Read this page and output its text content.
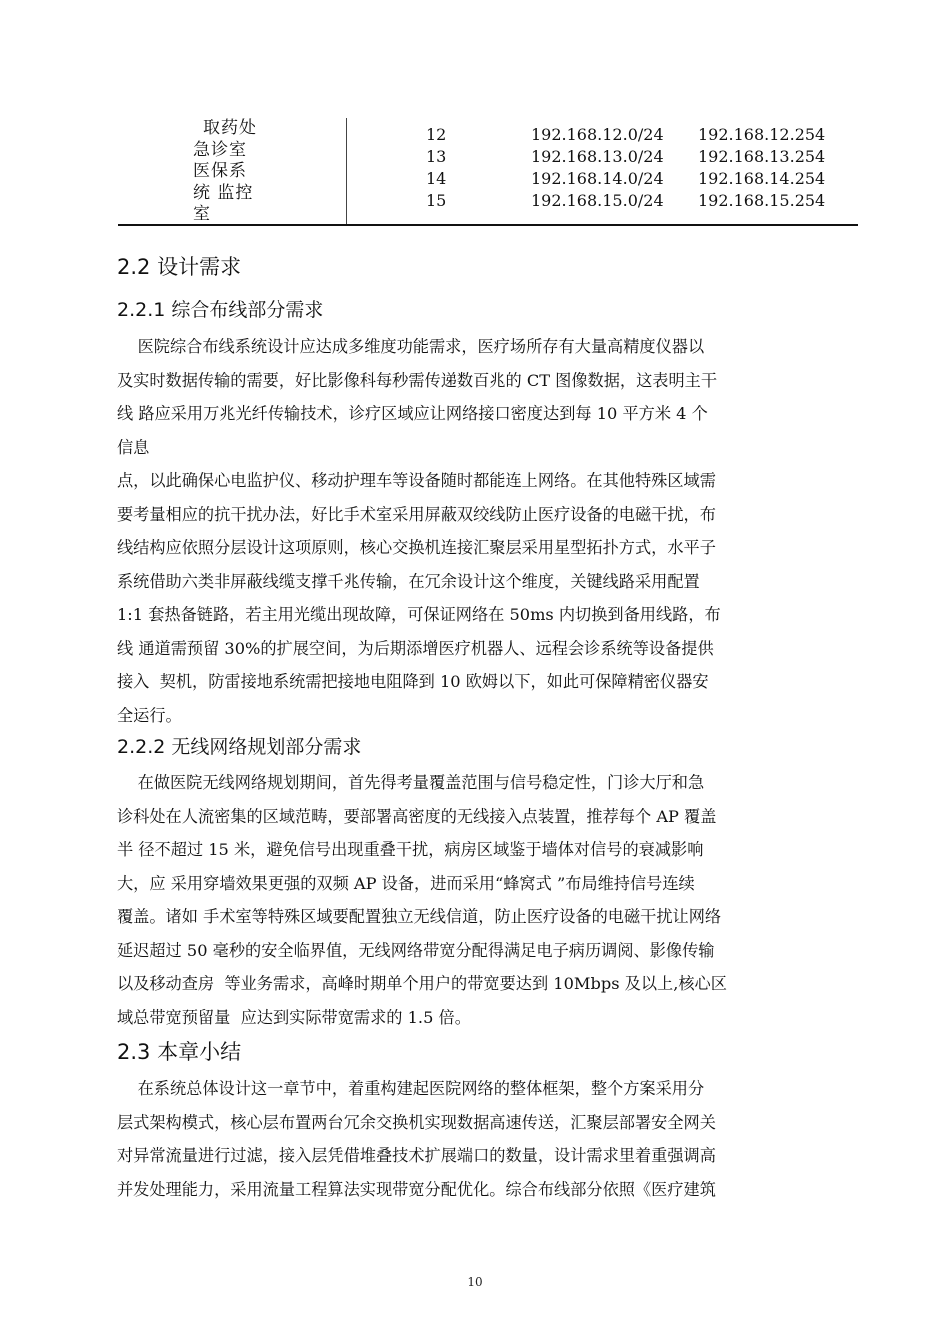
取药处
急诊室
医保系
统 监控
室
12
13
14
15
192.168.12.0/24
192.168.13.0/24
192.168.14.0/24
192.168.15.0/24
192.168.12.254
192.168.13.254
192.168.14.254
192.168.15.254
2.2 设计需求
2.2.1 综合布线部分需求
医院综合布线系统设计应达成多维度功能需求，医疗场所存有大量高精度仪器以
及实时数据传输的需要，好比影像科每秒需传递数百兆的 CT 图像数据，这表明主干
线 路应采用万兆光纤传输技术，诊疗区域应让网络接口密度达到每 10 平方米 4 个
信息
点，以此确保心电监护仪、移动护理车等设备随时都能连上网络。在其他特殊区域需
要考量相应的抗干扰办法，好比手术室采用屏蔽双绞线防止医疗设备的电磁干扰，布
线结构应依照分层设计这项原则，核心交换机连接汇聚层采用星型拓扑方式，水平子
系统借助六类非屏蔽线缆支撑千兆传输，在冗余设计这个维度，关键线路采用配置
1:1 套热备链路，若主用光缆出现故障，可保证网络在 50ms 内切换到备用线路，布
线 通道需预留 30%的扩展空间，为后期添增医疗机器人、远程会诊系统等设备提供
接入  契机，防雷接地系统需把接地电阻降到 10 欧姆以下，如此可保障精密仪器安
全运行。
2.2.2 无线网络规划部分需求
在做医院无线网络规划期间，首先得考量覆盖范围与信号稳定性，门诊大厅和急
诊科处在人流密集的区域范畴，要部署高密度的无线接入点装置，推荐每个 AP 覆盖
半 径不超过 15 米，避免信号出现重叠干扰，病房区域鉴于墙体对信号的衰减影响
大，应 采用穿墙效果更强的双频 AP 设备，进而采用“蜂窝式 ”布局维持信号连续
覆盖。诸如 手术室等特殊区域要配置独立无线信道，防止医疗设备的电磁干扰让网络
延迟超过 50 毫秒的安全临界值，无线网络带宽分配得满足电子病历调阅、影像传输
以及移动查房  等业务需求，高峰时期单个用户的带宽要达到 10Mbps 及以上,核心区
域总带宽预留量  应达到实际带宽需求的 1.5 倍。
2.3 本章小结
在系统总体设计这一章节中，着重构建起医院网络的整体框架，整个方案采用分
层式架构模式，核心层布置两台冗余交换机实现数据高速传送，汇聚层部署安全网关
对异常流量进行过滤，接入层凭借堆叠技术扩展端口的数量，设计需求里着重强调高
并发处理能力，采用流量工程算法实现带宽分配优化。综合布线部分依照《医疗建筑
10
